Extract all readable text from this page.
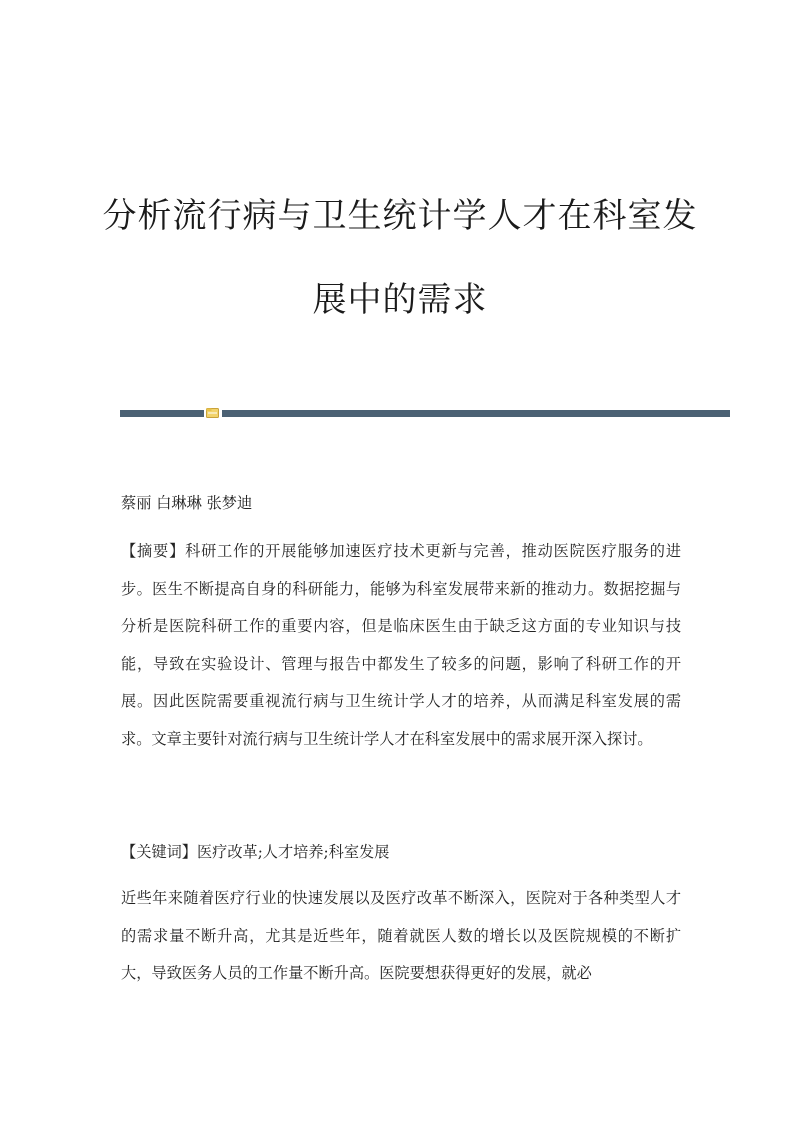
分析流行病与卫生统计学人才在科室发
展中的需求
蔡丽 白琳琳 张梦迪
【摘要】科研工作的开展能够加速医疗技术更新与完善，推动医院医疗服务的进步。医生不断提高自身的科研能力，能够为科室发展带来新的推动力。数据挖掘与分析是医院科研工作的重要内容，但是临床医生由于缺乏这方面的专业知识与技能，导致在实验设计、管理与报告中都发生了较多的问题，影响了科研工作的开展。因此医院需要重视流行病与卫生统计学人才的培养，从而满足科室发展的需求。文章主要针对流行病与卫生统计学人才在科室发展中的需求展开深入探讨。
【关键词】医疗改革;人才培养;科室发展
近些年来随着医疗行业的快速发展以及医疗改革不断深入，医院对于各种类型人才的需求量不断升高，尤其是近些年，随着就医人数的增长以及医院规模的不断扩大，导致医务人员的工作量不断升高。医院要想获得更好的发展，就必
